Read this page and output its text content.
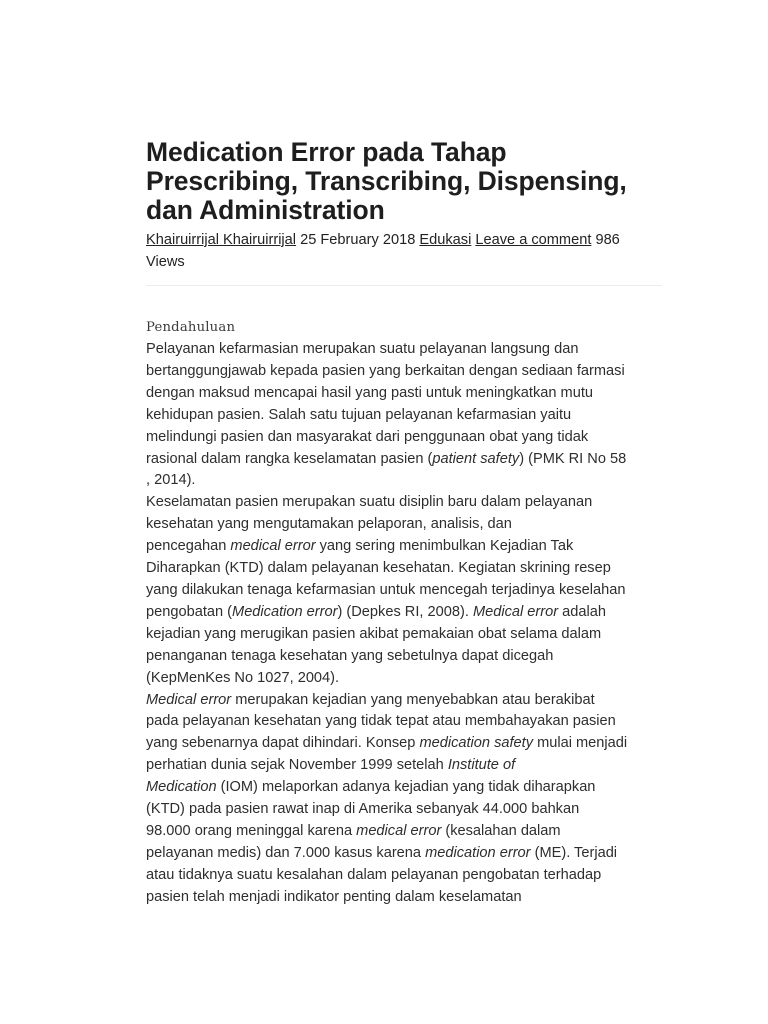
Medication Error pada Tahap
Prescribing, Transcribing, Dispensing,
dan Administration
Khairuirrijal Khairuirrijal 25 February 2018 Edukasi Leave a comment 986
Views
Pendahuluan
Pelayanan kefarmasian merupakan suatu pelayanan langsung dan
bertanggungjawab kepada pasien yang berkaitan dengan sediaan farmasi
dengan maksud mencapai hasil yang pasti untuk meningkatkan mutu
kehidupan pasien. Salah satu tujuan pelayanan kefarmasian yaitu
melindungi pasien dan masyarakat dari penggunaan obat yang tidak
rasional dalam rangka keselamatan pasien (patient safety) (PMK RI No 58
, 2014).
Keselamatan pasien merupakan suatu disiplin baru dalam pelayanan
kesehatan yang mengutamakan pelaporan, analisis, dan
pencegahan medical error yang sering menimbulkan Kejadian Tak
Diharapkan (KTD) dalam pelayanan kesehatan. Kegiatan skrining resep
yang dilakukan tenaga kefarmasian untuk mencegah terjadinya keselahan
pengobatan (Medication error) (Depkes RI, 2008). Medical error adalah
kejadian yang merugikan pasien akibat pemakaian obat selama dalam
penanganan tenaga kesehatan yang sebetulnya dapat dicegah
(KepMenKes No 1027, 2004).
Medical error merupakan kejadian yang menyebabkan atau berakibat
pada pelayanan kesehatan yang tidak tepat atau membahayakan pasien
yang sebenarnya dapat dihindari. Konsep medication safety mulai menjadi
perhatian dunia sejak November 1999 setelah Institute of
Medication (IOM) melaporkan adanya kejadian yang tidak diharapkan
(KTD) pada pasien rawat inap di Amerika sebanyak 44.000 bahkan
98.000 orang meninggal karena medical error (kesalahan dalam
pelayanan medis) dan 7.000 kasus karena medication error (ME). Terjadi
atau tidaknya suatu kesalahan dalam pelayanan pengobatan terhadap
pasien telah menjadi indikator penting dalam keselamatan
